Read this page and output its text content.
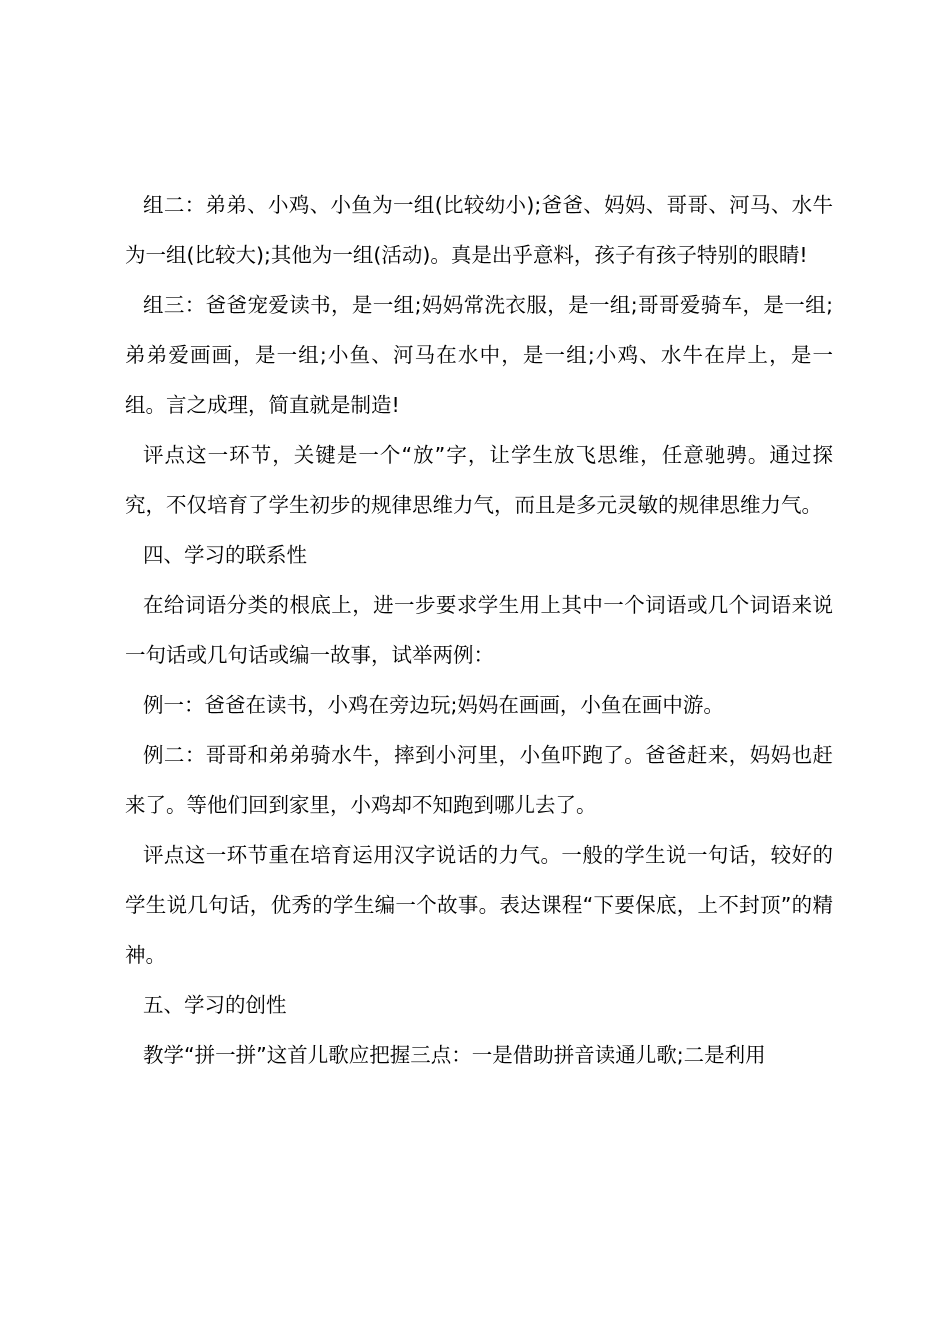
组二：弟弟、小鸡、小鱼为一组(比较幼小);爸爸、妈妈、哥哥、河马、水牛为一组(比较大);其他为一组(活动)。真是出乎意料，孩子有孩子特别的眼睛!

组三：爸爸宠爱读书，是一组;妈妈常洗衣服，是一组;哥哥爱骑车，是一组;弟弟爱画画，是一组;小鱼、河马在水中，是一组;小鸡、水牛在岸上，是一组。言之成理，简直就是制造!

评点这一环节，关键是一个“放”字，让学生放飞思维，任意驰骋。通过探究，不仅培育了学生初步的规律思维力气，而且是多元灵敏的规律思维力气。

四、学习的联系性

在给词语分类的根底上，进一步要求学生用上其中一个词语或几个词语来说一句话或几句话或编一故事，试举两例：

例一：爸爸在读书，小鸡在旁边玩;妈妈在画画，小鱼在画中游。

例二：哥哥和弟弟骑水牛，摔到小河里，小鱼吓跑了。爸爸赶来，妈妈也赶来了。等他们回到家里，小鸡却不知跑到哪儿去了。

评点这一环节重在培育运用汉字说话的力气。一般的学生说一句话，较好的学生说几句话，优秀的学生编一个故事。表达课程“下要保底，上不封顶”的精神。

五、学习的创性

教学“拼一拼”这首儿歌应把握三点：一是借助拼音读通儿歌;二是利用
